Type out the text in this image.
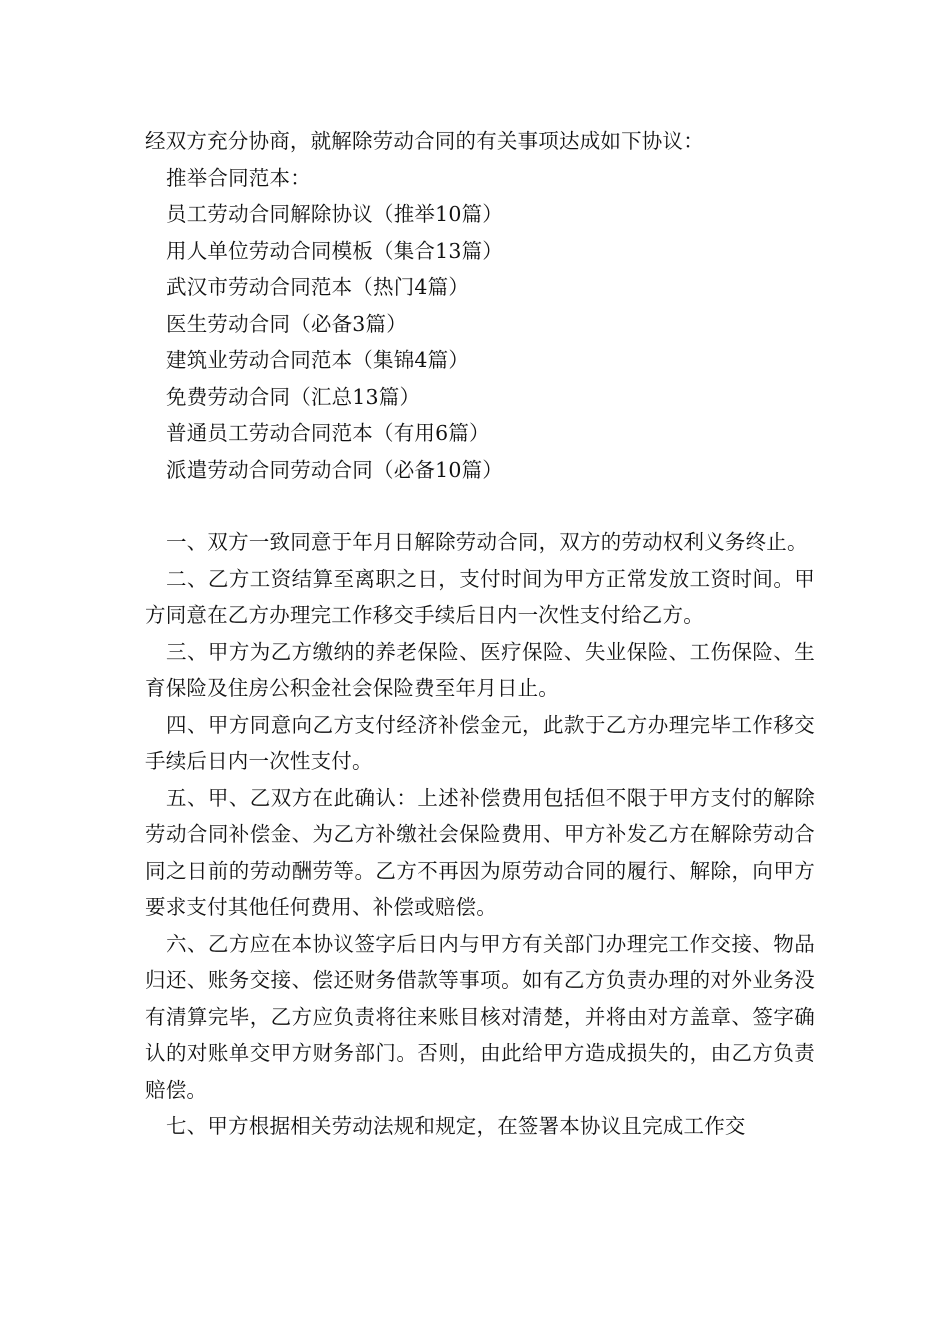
经双方充分协商，就解除劳动合同的有关事项达成如下协议：
推举合同范本：
员工劳动合同解除协议（推举10篇）
用人单位劳动合同模板（集合13篇）
武汉市劳动合同范本（热门4篇）
医生劳动合同（必备3篇）
建筑业劳动合同范本（集锦4篇）
免费劳动合同（汇总13篇）
普通员工劳动合同范本（有用6篇）
派遣劳动合同劳动合同（必备10篇）

一、双方一致同意于年月日解除劳动合同，双方的劳动权利义务终止。

二、乙方工资结算至离职之日，支付时间为甲方正常发放工资时间。甲方同意在乙方办理完工作移交手续后日内一次性支付给乙方。

三、甲方为乙方缴纳的养老保险、医疗保险、失业保险、工伤保险、生育保险及住房公积金社会保险费至年月日止。

四、甲方同意向乙方支付经济补偿金元，此款于乙方办理完毕工作移交手续后日内一次性支付。

五、甲、乙双方在此确认：上述补偿费用包括但不限于甲方支付的解除劳动合同补偿金、为乙方补缴社会保险费用、甲方补发乙方在解除劳动合同之日前的劳动酬劳等。乙方不再因为原劳动合同的履行、解除，向甲方要求支付其他任何费用、补偿或赔偿。

六、乙方应在本协议签字后日内与甲方有关部门办理完工作交接、物品归还、账务交接、偿还财务借款等事项。如有乙方负责办理的对外业务没有清算完毕，乙方应负责将往来账目核对清楚，并将由对方盖章、签字确认的对账单交甲方财务部门。否则，由此给甲方造成损失的，由乙方负责赔偿。

七、甲方根据相关劳动法规和规定，在签署本协议且完成工作交
